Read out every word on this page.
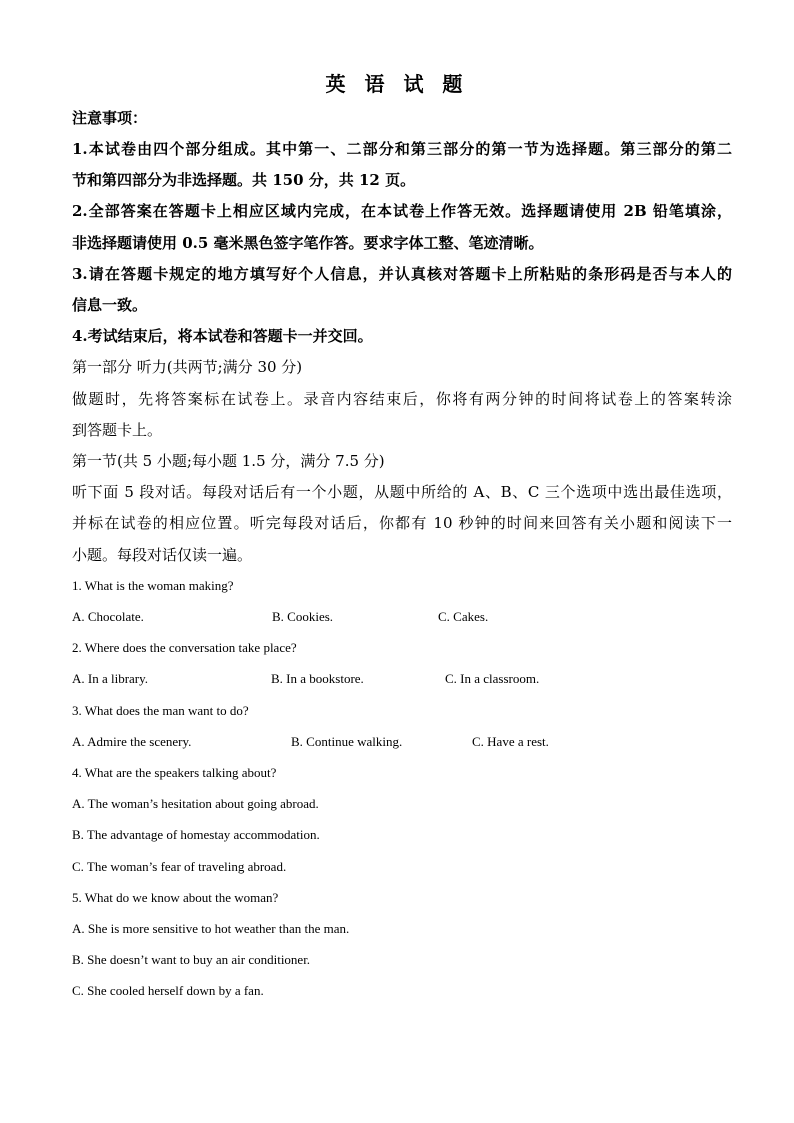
英 语 试 题
注意事项：
1.本试卷由四个部分组成。其中第一、二部分和第三部分的第一节为选择题。第三部分的第二
节和第四部分为非选择题。共 150 分，共 12 页。
2.全部答案在答题卡上相应区域内完成，在本试卷上作答无效。选择题请使用 2B 铅笔填涂，
非选择题请使用 0.5 毫米黑色签字笔作答。要求字体工整、笔迹清晰。
3.请在答题卡规定的地方填写好个人信息，并认真核对答题卡上所粘贴的条形码是否与本人的
信息一致。
4.考试结束后，将本试卷和答题卡一并交回。
第一部分 听力(共两节;满分 30 分)
做题时，先将答案标在试卷上。录音内容结束后，你将有两分钟的时间将试卷上的答案转涂
到答题卡上。
第一节(共 5 小题;每小题 1.5 分，满分 7.5 分)
听下面 5 段对话。每段对话后有一个小题，从题中所给的 A、B、C 三个选项中选出最佳选项，
并标在试卷的相应位置。听完每段对话后，你都有 10 秒钟的时间来回答有关小题和阅读下一
小题。每段对话仅读一遍。
1. What is the woman making?
A. Chocolate.	B. Cookies.	C. Cakes.
2. Where does the conversation take place?
A. In a library.	B. In a bookstore.	C. In a classroom.
3. What does the man want to do?
A. Admire the scenery.	B. Continue walking.	C. Have a rest.
4. What are the speakers talking about?
A. The woman’s hesitation about going abroad.
B. The advantage of homestay accommodation.
C. The woman’s fear of traveling abroad.
5. What do we know about the woman?
A. She is more sensitive to hot weather than the man.
B. She doesn’t want to buy an air conditioner.
C. She cooled herself down by a fan.
